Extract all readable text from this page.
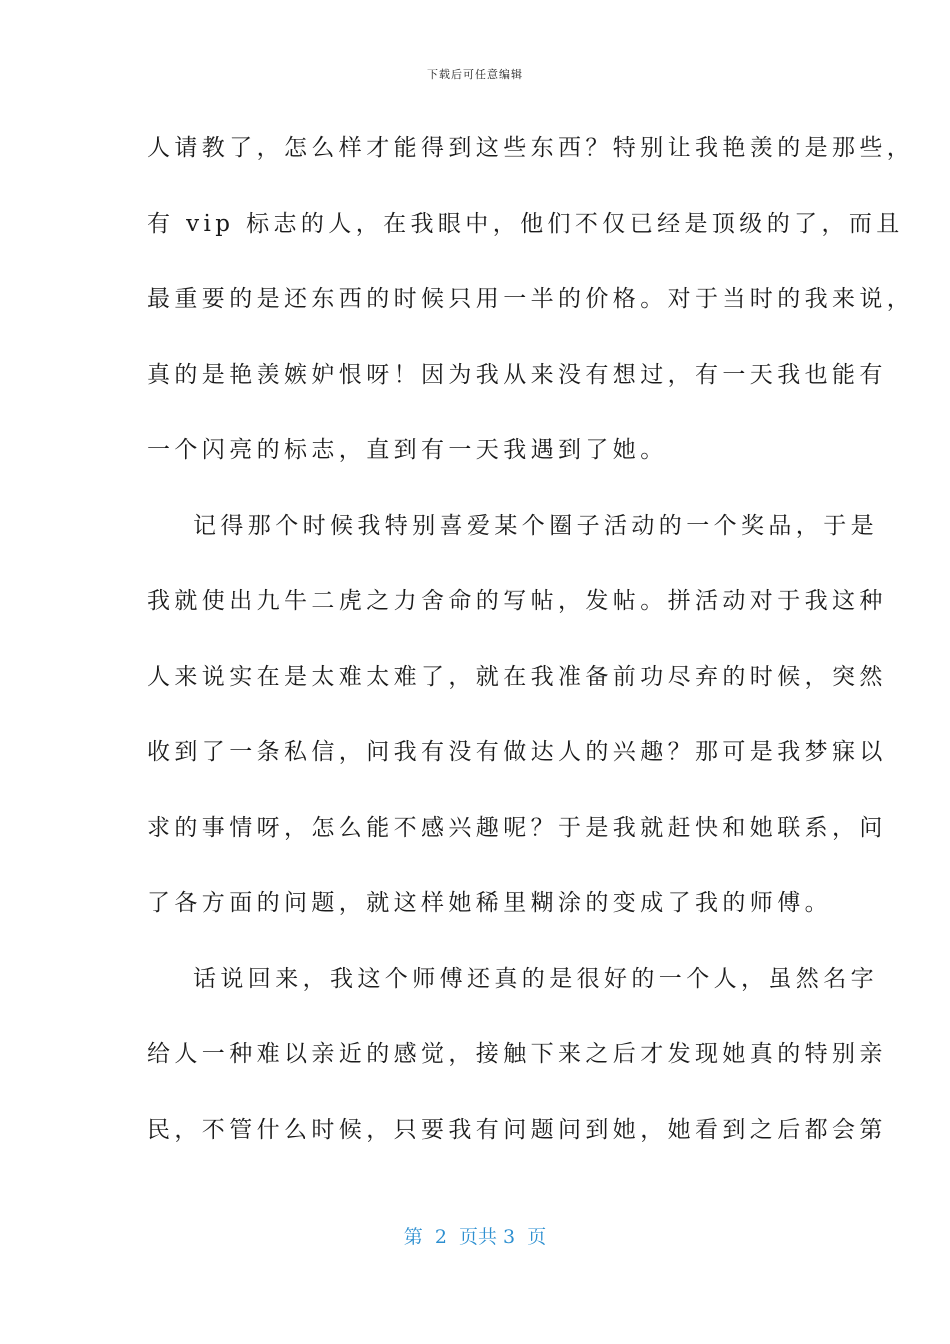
下载后可任意编辑
人请教了，怎么样才能得到这些东西？特别让我艳羡的是那些，
有 vip 标志的人，在我眼中，他们不仅已经是顶级的了，而且
最重要的是还东西的时候只用一半的价格。对于当时的我来说，
真的是艳羡嫉妒恨呀！因为我从来没有想过，有一天我也能有
一个闪亮的标志，直到有一天我遇到了她。
记得那个时候我特别喜爱某个圈子活动的一个奖品，于是
我就使出九牛二虎之力舍命的写帖，发帖。拼活动对于我这种
人来说实在是太难太难了，就在我准备前功尽弃的时候，突然
收到了一条私信，问我有没有做达人的兴趣？那可是我梦寐以
求的事情呀，怎么能不感兴趣呢？于是我就赶快和她联系，问
了各方面的问题，就这样她稀里糊涂的变成了我的师傅。
话说回来，我这个师傅还真的是很好的一个人，虽然名字
给人一种难以亲近的感觉，接触下来之后才发现她真的特别亲
民，不管什么时候，只要我有问题问到她，她看到之后都会第
第  2  页共 3  页
